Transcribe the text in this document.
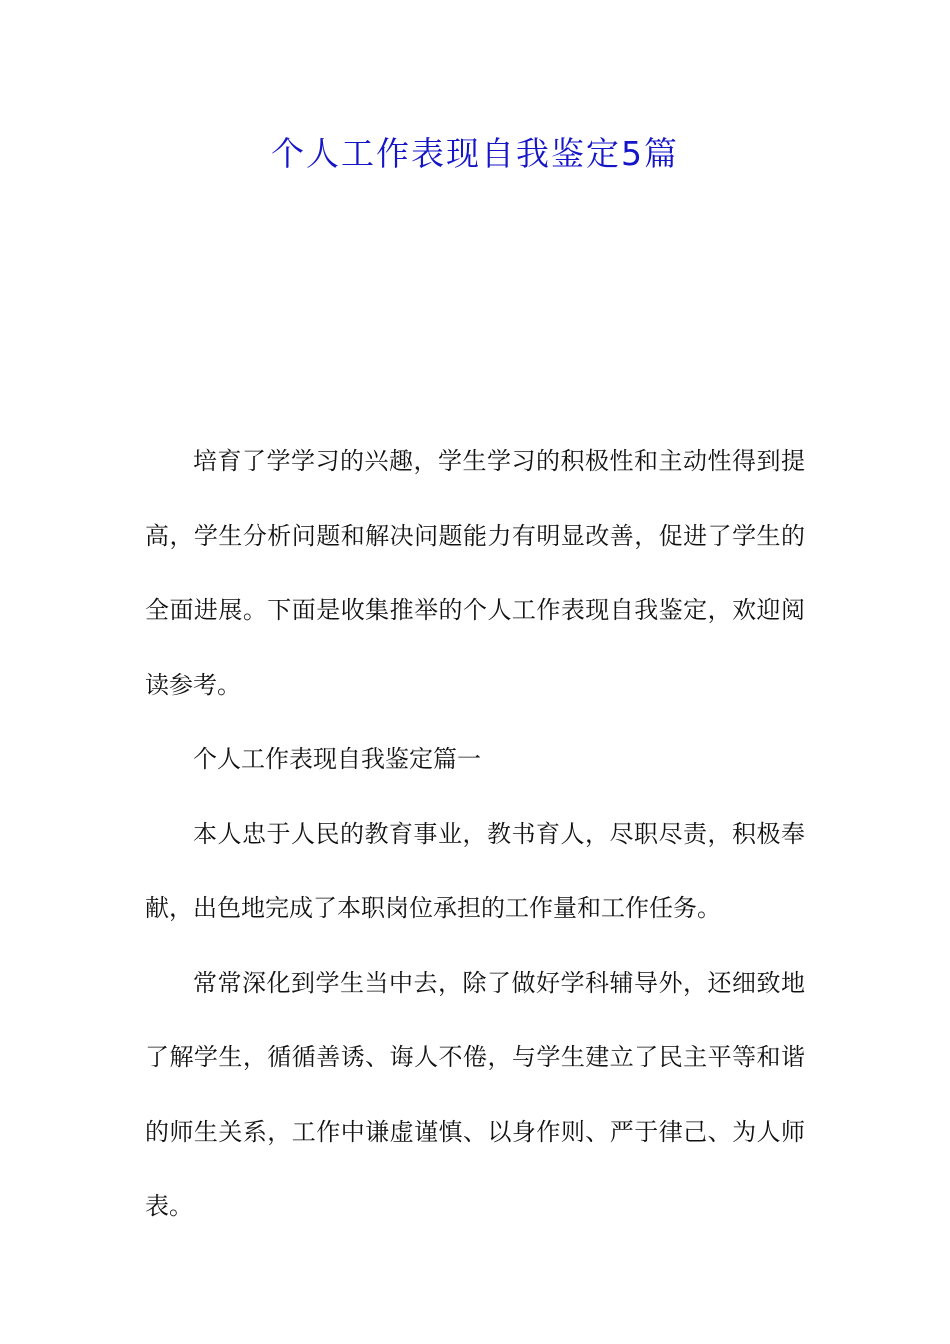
个人工作表现自我鉴定5篇

培育了学学习的兴趣，学生学习的积极性和主动性得到提高，学生分析问题和解决问题能力有明显改善，促进了学生的全面进展。下面是收集推举的个人工作表现自我鉴定，欢迎阅读参考。

个人工作表现自我鉴定篇一

本人忠于人民的教育事业，教书育人，尽职尽责，积极奉献，出色地完成了本职岗位承担的工作量和工作任务。

常常深化到学生当中去，除了做好学科辅导外，还细致地了解学生，循循善诱、诲人不倦，与学生建立了民主平等和谐的师生关系，工作中谦虚谨慎、以身作则、严于律己、为人师表。
